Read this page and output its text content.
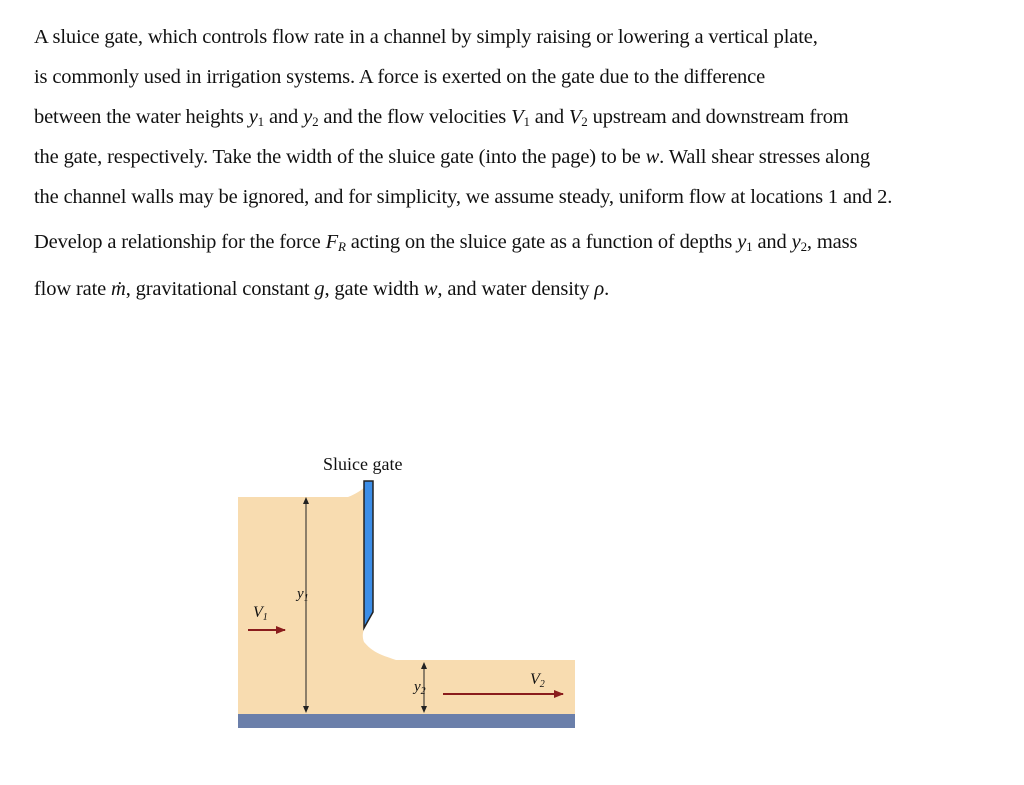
A sluice gate, which controls flow rate in a channel by simply raising or lowering a vertical plate,
is commonly used in irrigation systems. A force is exerted on the gate due to the difference
between the water heights $y_1$ and $y_2$ and the flow velocities $V_1$ and $V_2$ upstream and downstream from
the gate, respectively. Take the width of the sluice gate (into the page) to be w. Wall shear stresses along
the channel walls may be ignored, and for simplicity, we assume steady, uniform flow at locations 1 and 2.
Develop a relationship for the force $F_R$ acting on the sluice gate as a function of depths $y_1$ and $y_2$, mass
flow rate ṁ, gravitational constant g, gate width w, and water density ρ.
Sluice gate
$y_1$
$y_2$
V1
V2
